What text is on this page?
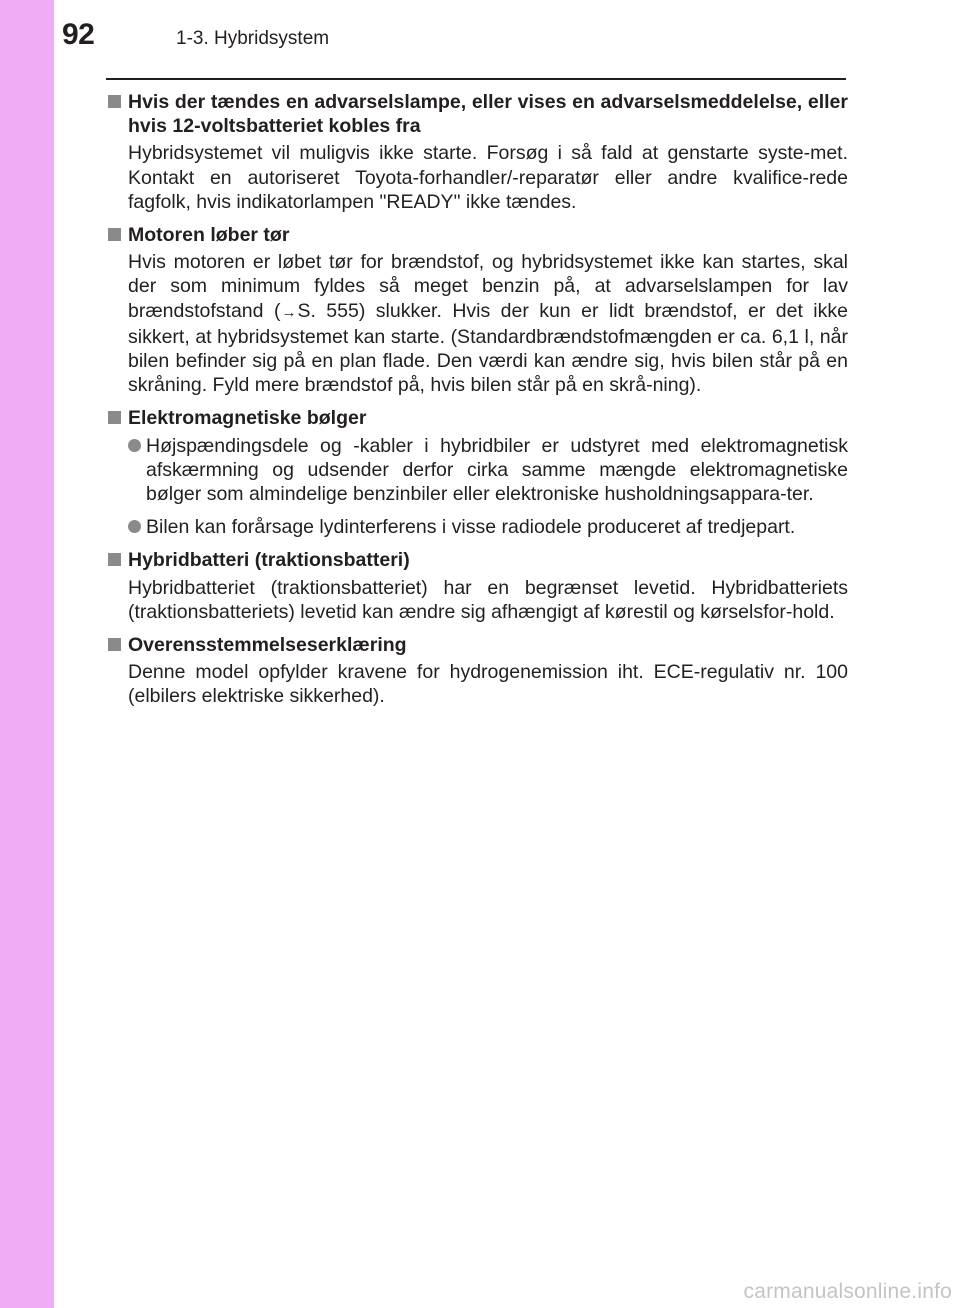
92	1-3. Hybridsystem
Hvis der tændes en advarselslampe, eller vises en advarselsmeddelelse, eller hvis 12-voltsbatteriet kobles fra
Hybridsystemet vil muligvis ikke starte. Forsøg i så fald at genstarte syste-met. Kontakt en autoriseret Toyota-forhandler/-reparatør eller andre kvalifice-rede fagfolk, hvis indikatorlampen "READY" ikke tændes.
Motoren løber tør
Hvis motoren er løbet tør for brændstof, og hybridsystemet ikke kan startes, skal der som minimum fyldes så meget benzin på, at advarselslampen for lav brændstofstand (→S. 555) slukker. Hvis der kun er lidt brændstof, er det ikke sikkert, at hybridsystemet kan starte. (Standardbrændstofmængden er ca. 6,1 l, når bilen befinder sig på en plan flade. Den værdi kan ændre sig, hvis bilen står på en skråning. Fyld mere brændstof på, hvis bilen står på en skrå-ning).
Elektromagnetiske bølger
Højspændingsdele og -kabler i hybridbiler er udstyret med elektromagnetisk afskærmning og udsender derfor cirka samme mængde elektromagnetiske bølger som almindelige benzinbiler eller elektroniske husholdningsappara-ter.
Bilen kan forårsage lydinterferens i visse radiodele produceret af tredjepart.
Hybridbatteri (traktionsbatteri)
Hybridbatteriet (traktionsbatteriet) har en begrænset levetid. Hybridbatteriets (traktionsbatteriets) levetid kan ændre sig afhængigt af kørestil og kørselsfor-hold.
Overensstemmelseserklæring
Denne model opfylder kravene for hydrogenemission iht. ECE-regulativ nr. 100 (elbilers elektriske sikkerhed).
carmanualsonline.info
